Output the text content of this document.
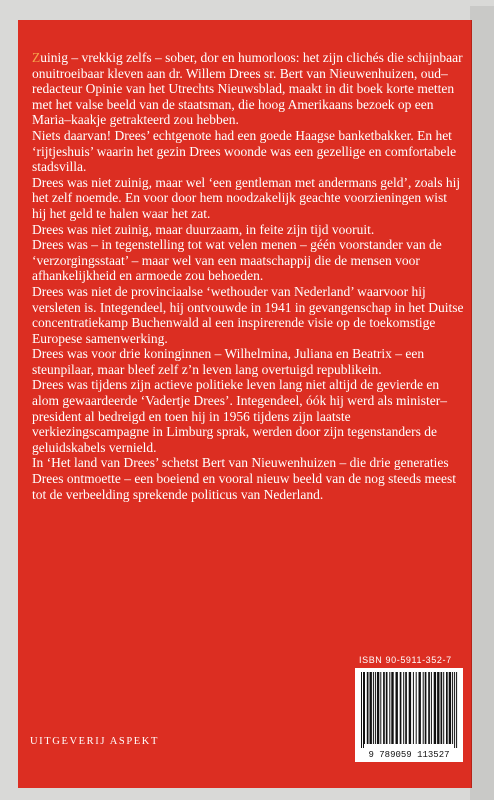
Zuinig – vrekkig zelfs – sober, dor en humorloos: het zijn clichés die schijnbaar onuitroeibaar kleven aan dr. Willem Drees sr. Bert van Nieuwenhuizen, oud–redacteur Opinie van het Utrechts Nieuwsblad, maakt in dit boek korte metten met het valse beeld van de staatsman, die hoog Amerikaans bezoek op een Maria–kaakje getrakteerd zou hebben.

Niets daarvan! Drees’ echtgenote had een goede Haagse banketbakker. En het ‘rijtjeshuis’ waarin het gezin Drees woonde was een gezellige en comfortabele stadsvilla.

Drees was niet zuinig, maar wel ‘een gentleman met andermans geld’, zoals hij het zelf noemde. En voor door hem noodzakelijk geachte voorzieningen wist hij het geld te halen waar het zat.

Drees was niet zuinig, maar duurzaam, in feite zijn tijd vooruit.

Drees was – in tegenstelling tot wat velen menen – géén voorstander van de ‘verzorgingsstaat’ – maar wel van een maatschappij die de mensen voor afhankelijkheid en armoede zou behoeden.

Drees was niet de provinciaalse ‘wethouder van Nederland’ waarvoor hij versleten is. Integendeel, hij ontvouwde in 1941 in gevangenschap in het Duitse concentratiekamp Buchenwald al een inspirerende visie op de toekomstige Europese samenwerking.

Drees was voor drie koninginnen – Wilhelmina, Juliana en Beatrix – een steunpilaar, maar bleef zelf z’n leven lang overtuigd republikein.

Drees was tijdens zijn actieve politieke leven lang niet altijd de gevierde en alom gewaardeerde ‘Vadertje Drees’. Integendeel, óók hij werd als minister–president al bedreigd en toen hij in 1956 tijdens zijn laatste verkiezingscampagne in Limburg sprak, werden door zijn tegenstanders de geluidskabels vernield.

In ‘Het land van Drees’ schetst Bert van Nieuwenhuizen – die drie generaties Drees ontmoette – een boeiend en vooral nieuw beeld van de nog steeds meest tot de verbeelding sprekende politicus van Nederland.

ISBN 90-5911-352-7
9 789059 113527
UITGEVERIJ ASPEKT
